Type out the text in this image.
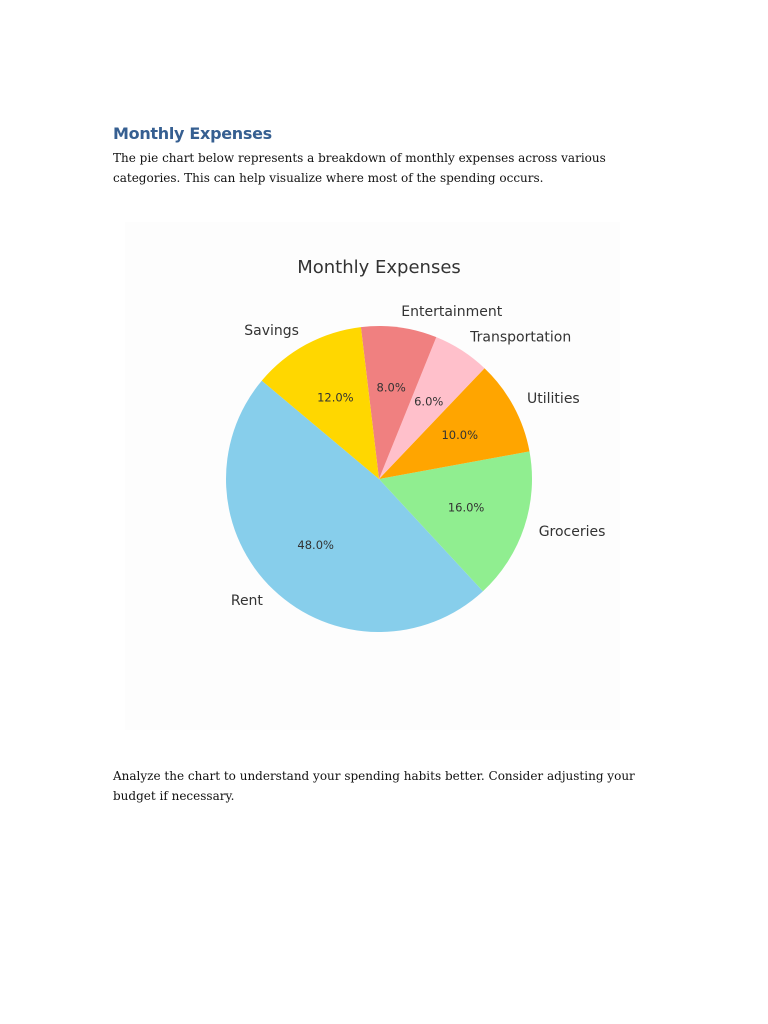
Monthly Expenses

The pie chart below represents a breakdown of monthly expenses across various categories. This can help visualize where most of the spending occurs.

Monthly Expenses
Rent
48.0%
Groceries
16.0%
Utilities
10.0%
Transportation
6.0%
Entertainment
8.0%
Savings
12.0%

Analyze the chart to understand your spending habits better. Consider adjusting your budget if necessary.
